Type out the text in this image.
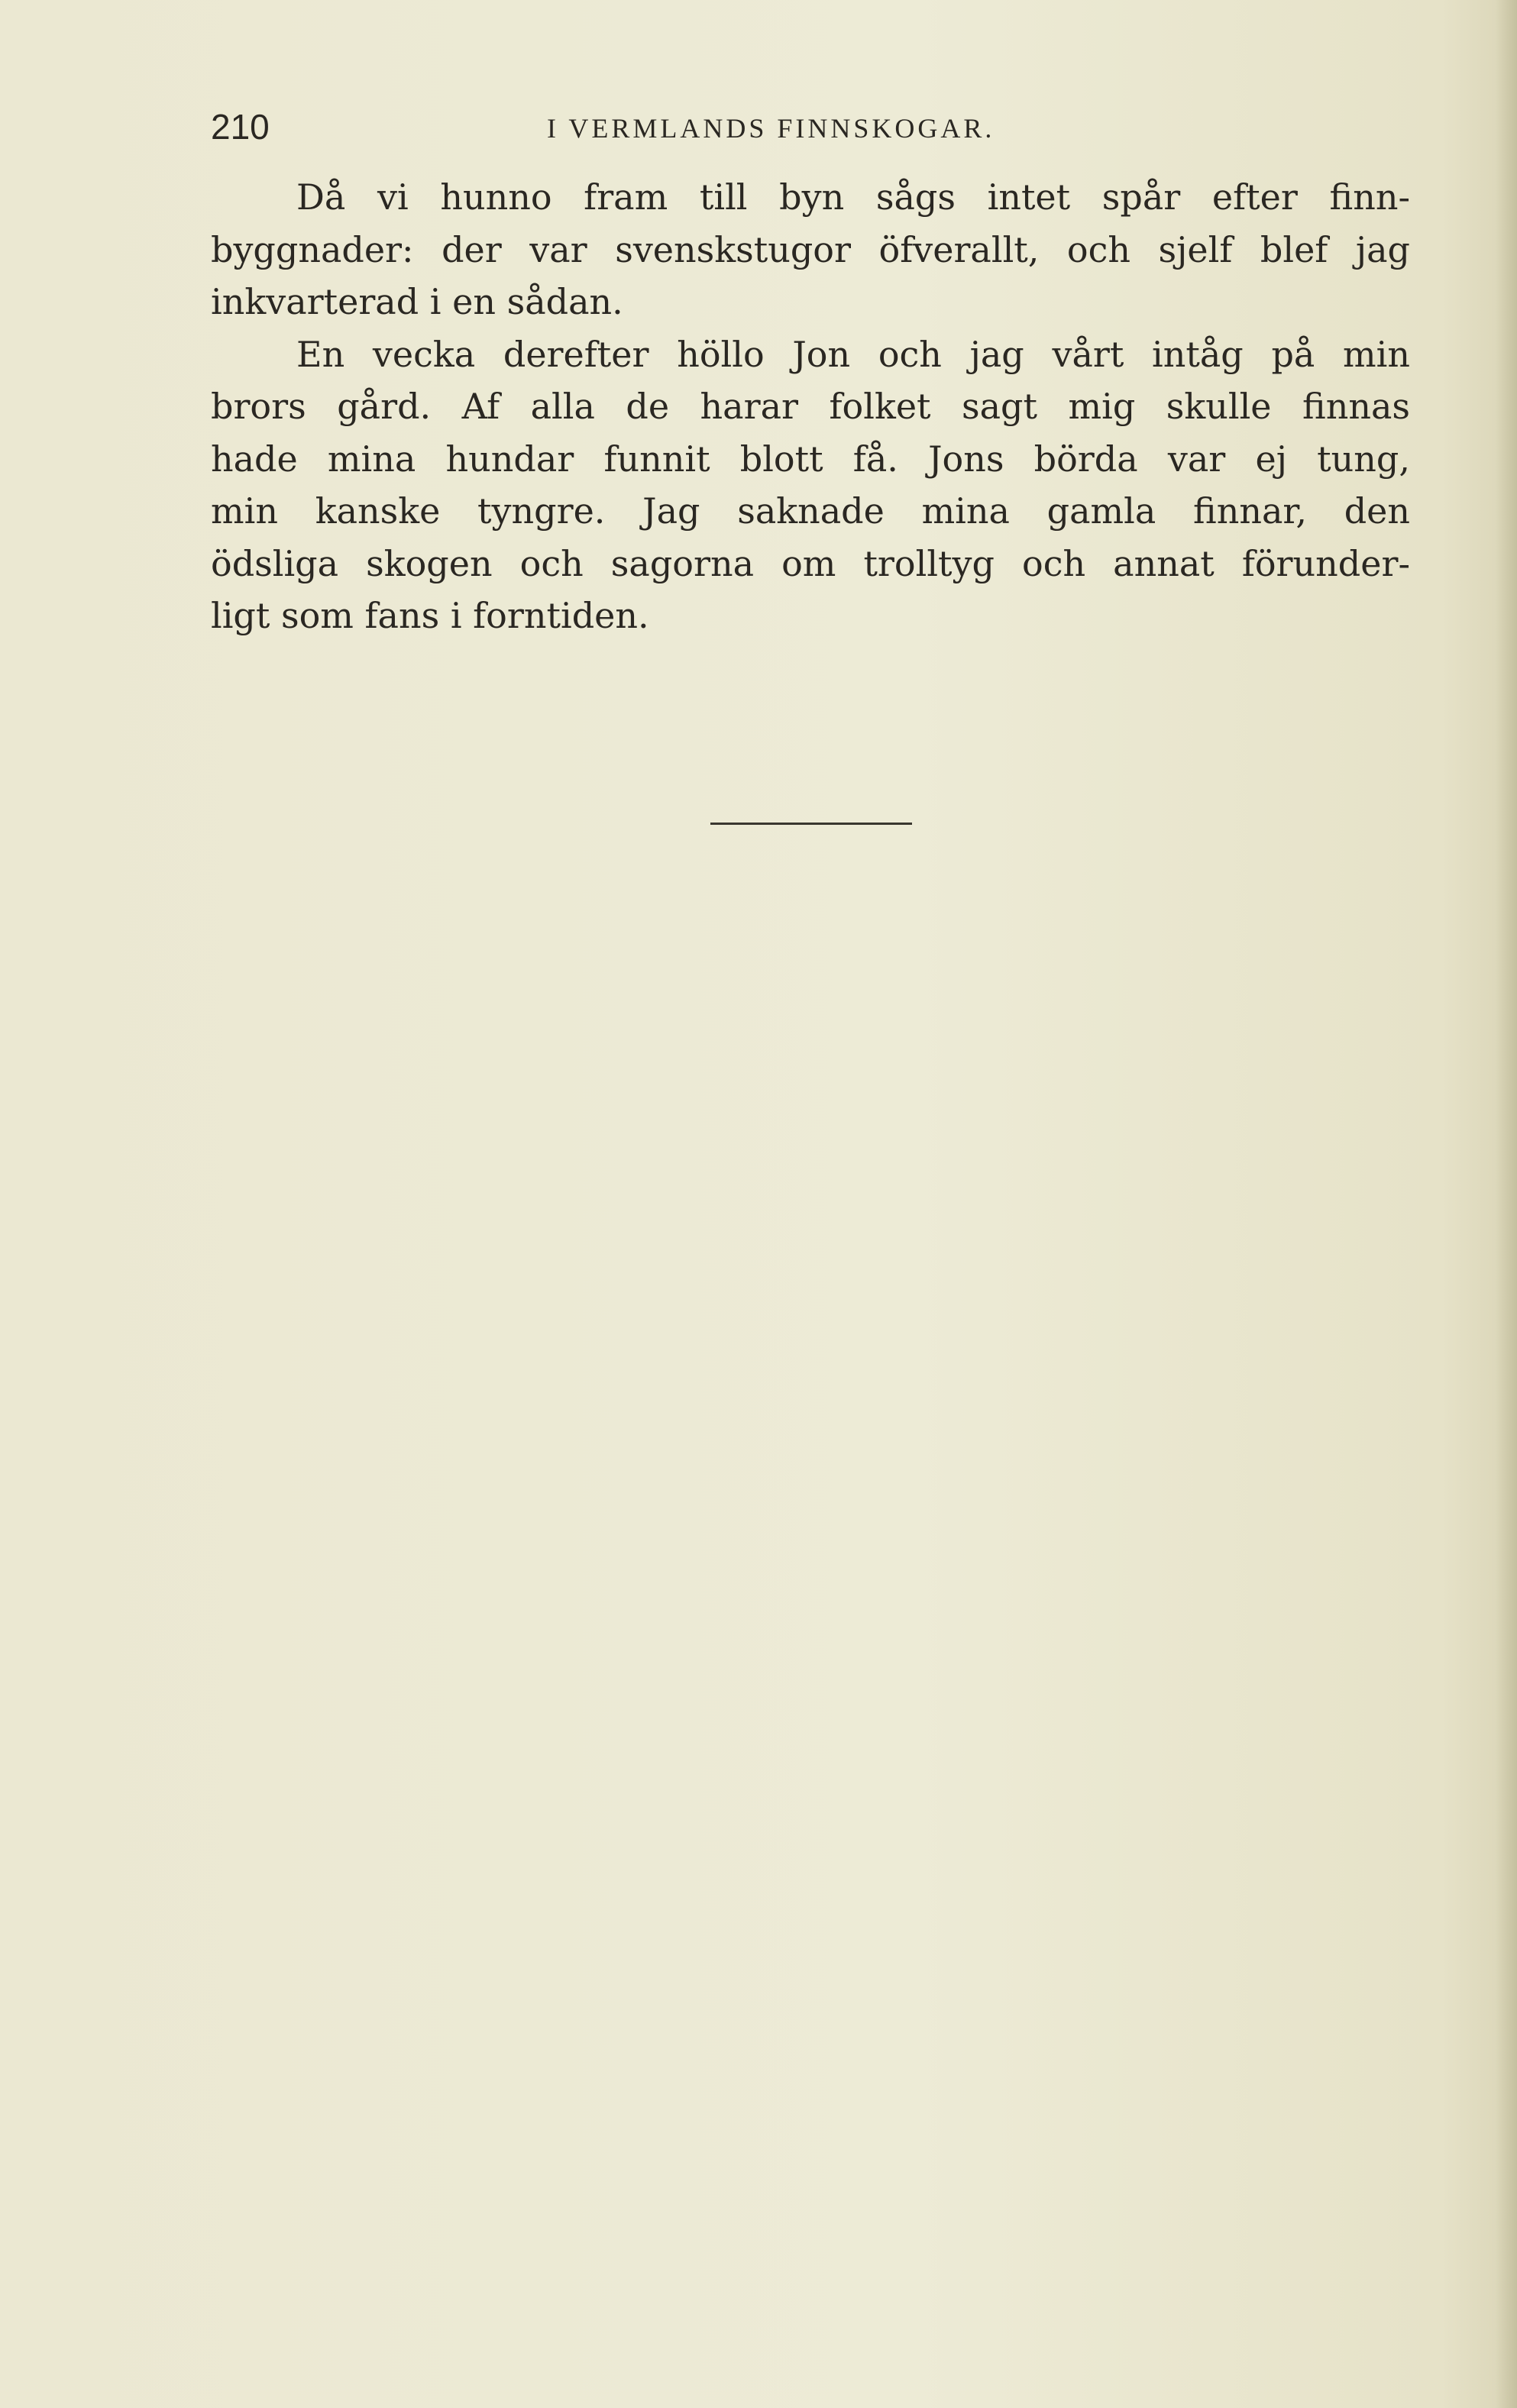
210	I VERMLANDS FINNSKOGAR.
Då vi hunno fram till byn sågs intet spår efter finn-
byggnader: der var svenskstugor öfverallt, och sjelf blef jag
inkvarterad i en sådan.
En vecka derefter höllo Jon och jag vårt intåg på min
brors gård. Af alla de harar folket sagt mig skulle finnas
hade mina hundar funnit blott få. Jons börda var ej tung,
min kanske tyngre. Jag saknade mina gamla finnar, den
ödsliga skogen och sagorna om trolltyg och annat förunder-
ligt som fans i forntiden.
